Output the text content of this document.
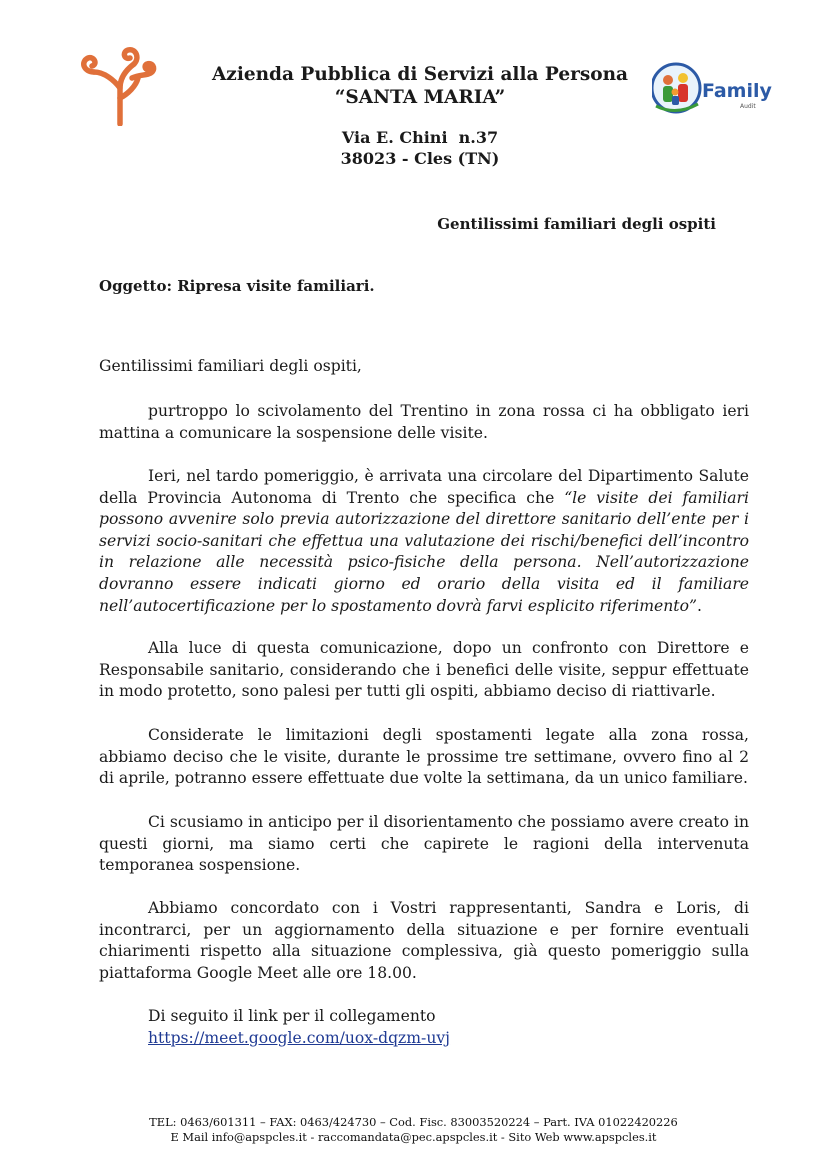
Family
Audit
Azienda Pubblica di Servizi alla Persona
“SANTA MARIA”
Via E. Chini  n.37
38023 - Cles (TN)
Gentilissimi familiari degli ospiti
Oggetto: Ripresa visite familiari.
Gentilissimi familiari degli ospiti,
purtroppo lo scivolamento del Trentino in zona rossa ci ha obbligato ieri mattina a comunicare la sospensione delle visite.
Ieri, nel tardo pomeriggio, è arrivata una circolare del Dipartimento Salute della Provincia Autonoma di Trento che specifica che “le visite dei familiari possono avvenire solo previa autorizzazione del direttore sanitario dell’ente per i servizi socio-sanitari che effettua una valutazione dei rischi/benefici dell’incontro in relazione alle necessità psico-fisiche della persona. Nell’autorizzazione dovranno essere indicati giorno ed orario della visita ed il familiare nell’autocertificazione per lo spostamento dovrà farvi esplicito riferimento”.
Alla luce di questa comunicazione, dopo un confronto con Direttore e Responsabile sanitario, considerando che i benefici delle visite, seppur effettuate in modo protetto, sono palesi per tutti gli ospiti, abbiamo deciso di riattivarle.
Considerate le limitazioni degli spostamenti legate alla zona rossa, abbiamo deciso che le visite, durante le prossime tre settimane, ovvero fino al 2 di aprile, potranno essere effettuate due volte la settimana, da un unico familiare.
Ci scusiamo in anticipo per il disorientamento che possiamo avere creato in questi giorni, ma siamo certi che capirete le ragioni della intervenuta temporanea sospensione.
Abbiamo concordato con i Vostri rappresentanti, Sandra e Loris, di incontrarci, per un aggiornamento della situazione e per fornire eventuali chiarimenti rispetto alla situazione complessiva, già questo pomeriggio sulla piattaforma Google Meet alle ore 18.00.
Di seguito il link per il collegamento
https://meet.google.com/uox-dqzm-uvj
TEL: 0463/601311 – FAX: 0463/424730 – Cod. Fisc. 83003520224 – Part. IVA 01022420226
E Mail info@apspcles.it - raccomandata@pec.apspcles.it - Sito Web www.apspcles.it
